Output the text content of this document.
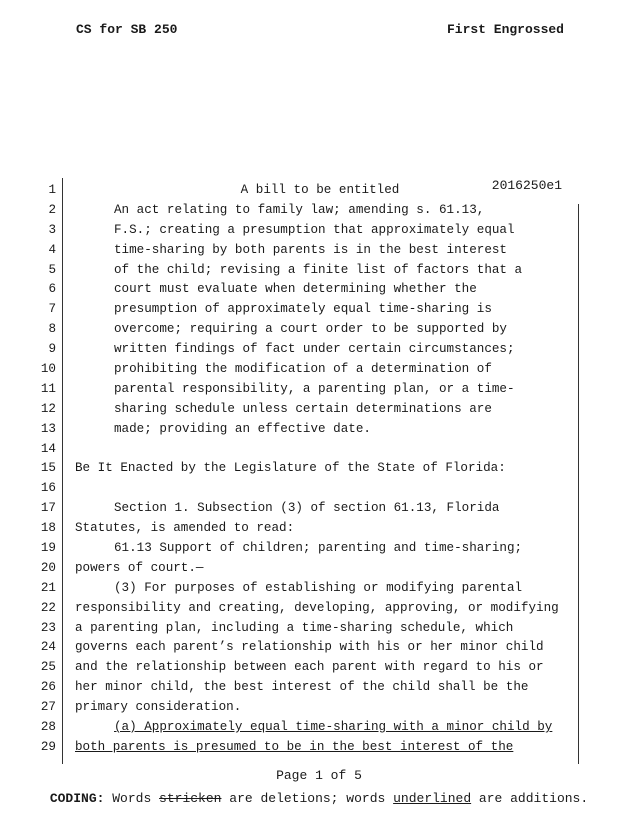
CS for SB 250	First Engrossed
2016250e1
1	A bill to be entitled
2	An act relating to family law; amending s. 61.13,
3	F.S.; creating a presumption that approximately equal
4	time-sharing by both parents is in the best interest
5	of the child; revising a finite list of factors that a
6	court must evaluate when determining whether the
7	presumption of approximately equal time-sharing is
8	overcome; requiring a court order to be supported by
9	written findings of fact under certain circumstances;
10	prohibiting the modification of a determination of
11	parental responsibility, a parenting plan, or a time-
12	sharing schedule unless certain determinations are
13	made; providing an effective date.
14
15 Be It Enacted by the Legislature of the State of Florida:
16
17	Section 1. Subsection (3) of section 61.13, Florida
18 Statutes, is amended to read:
19	61.13 Support of children; parenting and time-sharing;
20 powers of court.—
21	(3) For purposes of establishing or modifying parental
22 responsibility and creating, developing, approving, or modifying
23 a parenting plan, including a time-sharing schedule, which
24 governs each parent’s relationship with his or her minor child
25 and the relationship between each parent with regard to his or
26 her minor child, the best interest of the child shall be the
27 primary consideration.
28	(a) Approximately equal time-sharing with a minor child by
29 both parents is presumed to be in the best interest of the
Page 1 of 5
CODING: Words stricken are deletions; words underlined are additions.
